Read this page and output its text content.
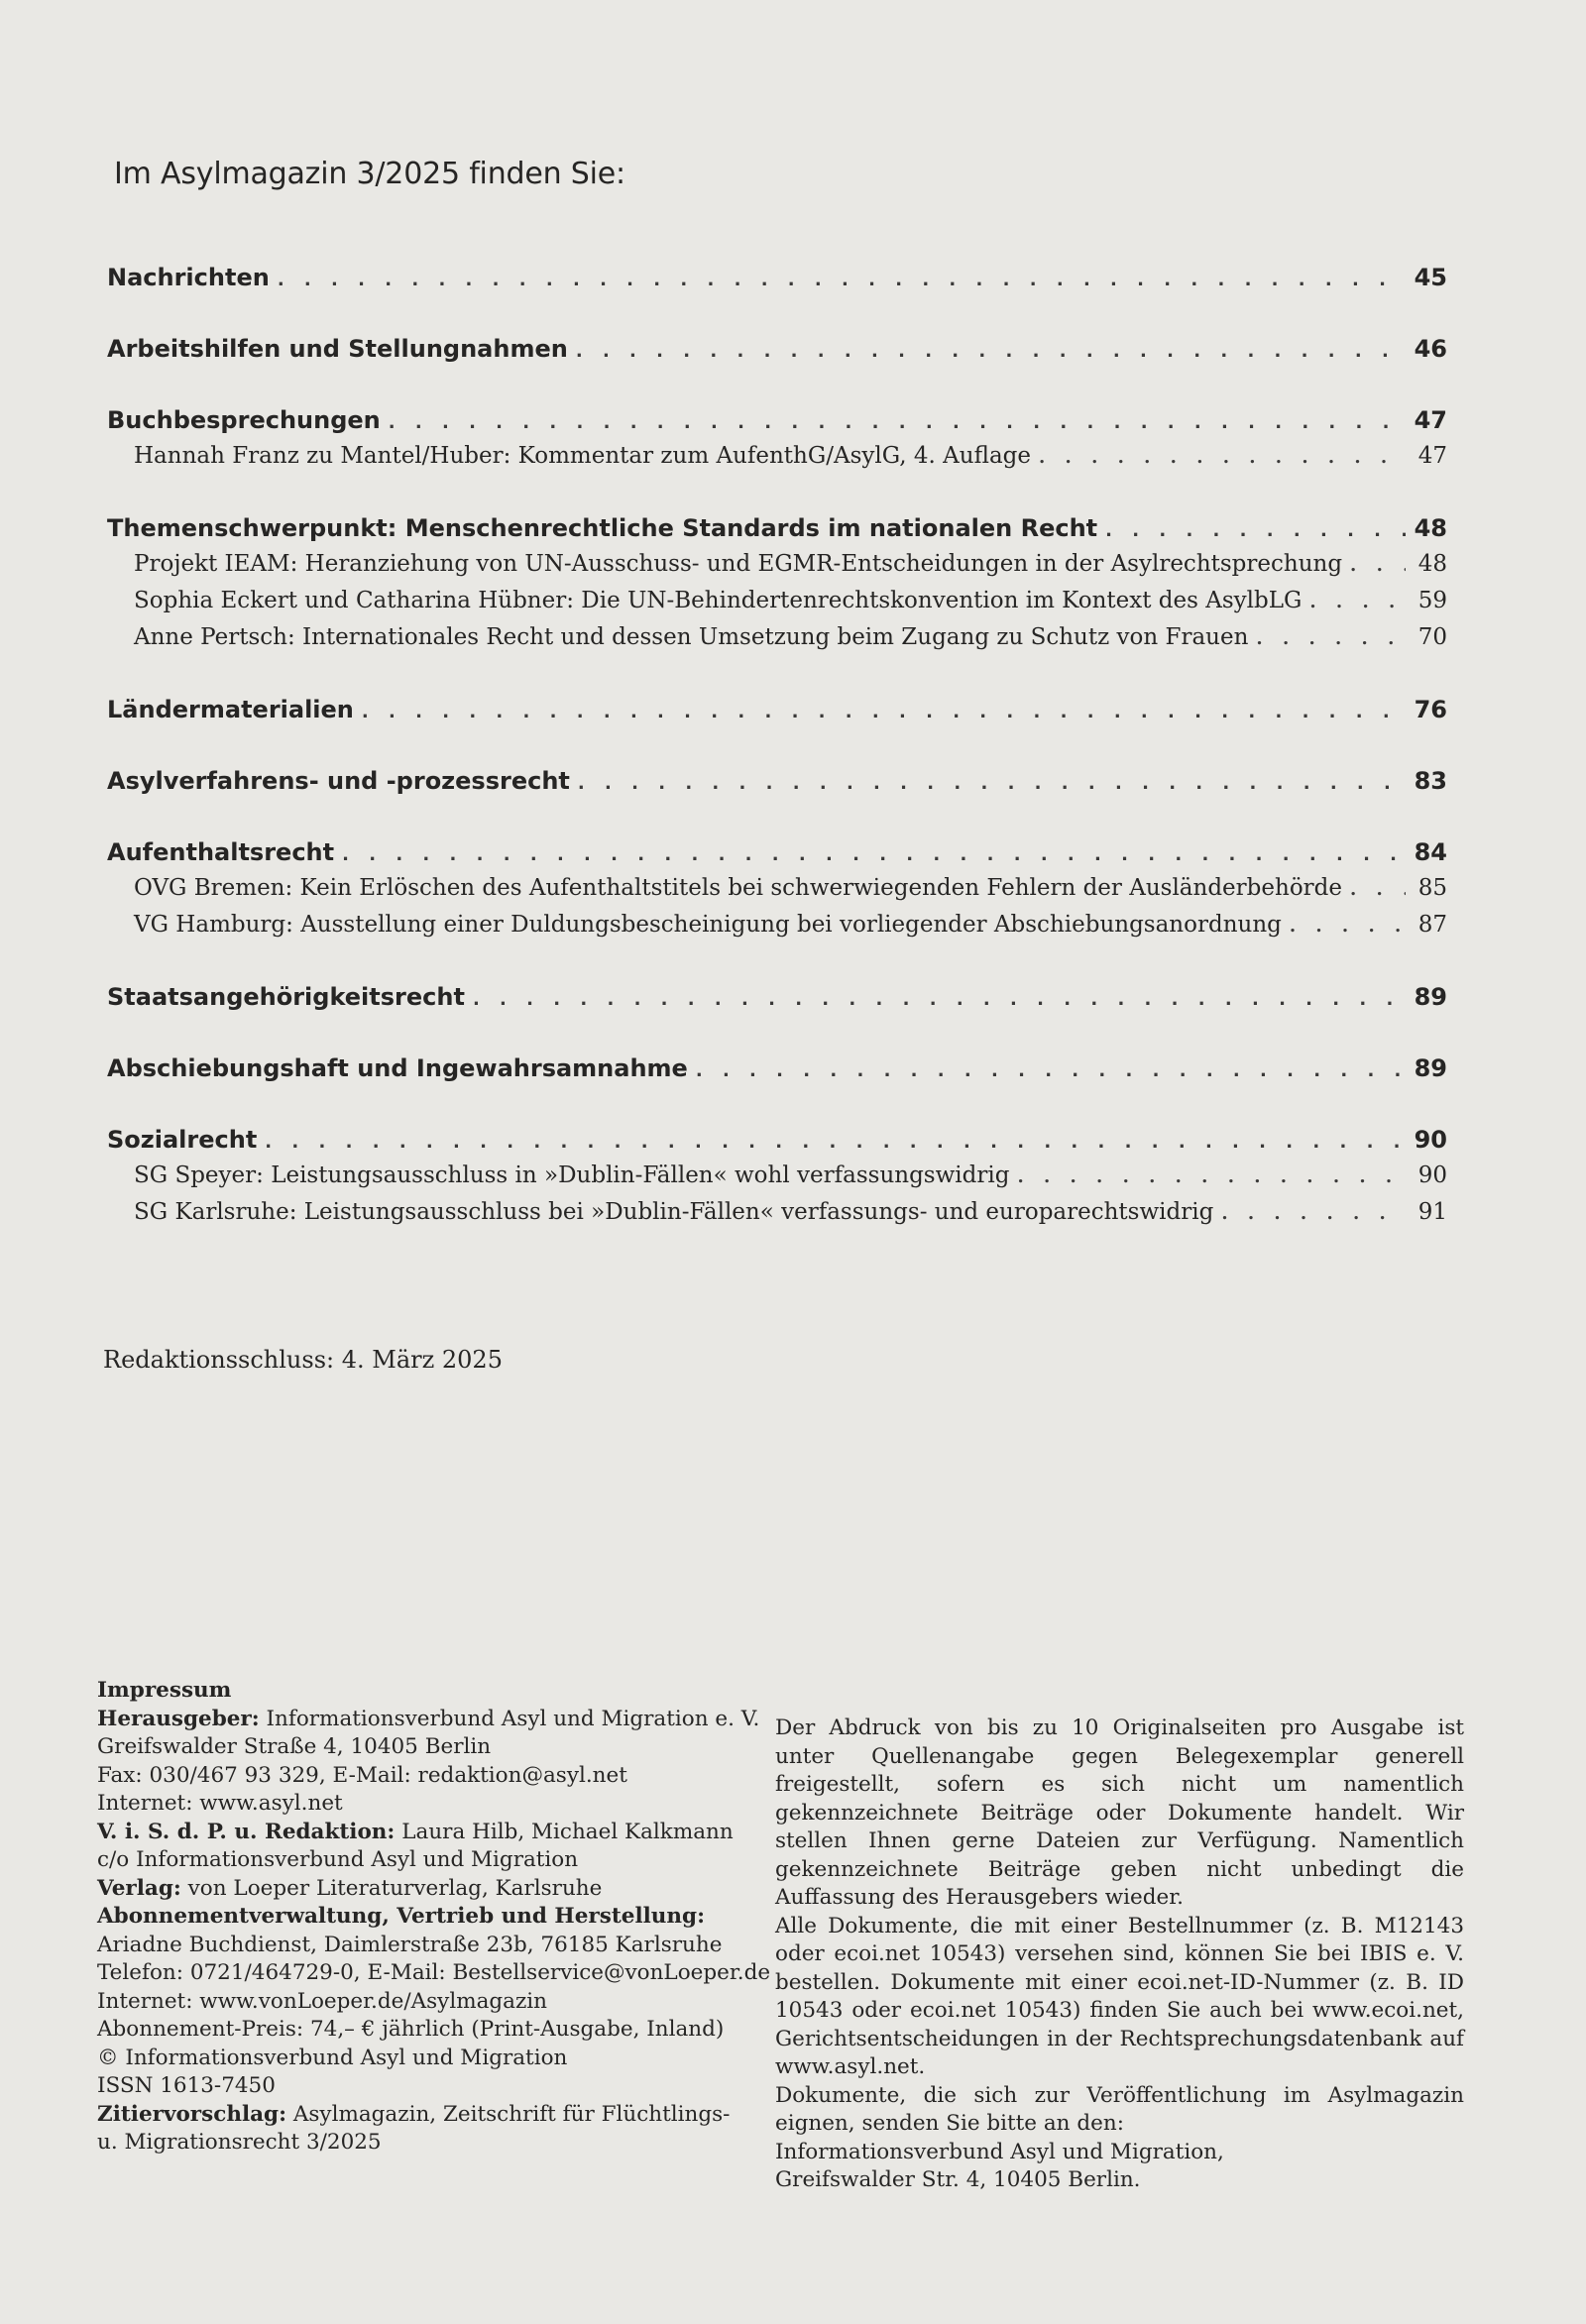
Im Asylmagazin 3/2025 finden Sie:
Nachrichten . . .	45
Arbeitshilfen und Stellungnahmen . . .	46
Buchbesprechungen . . .	47
Hannah Franz zu Mantel/Huber: Kommentar zum AufenthG/AsylG, 4. Auflage . . .	47
Themenschwerpunkt: Menschenrechtliche Standards im nationalen Recht . . .	48
Projekt IEAM: Heranziehung von UN-Ausschuss- und EGMR-Entscheidungen in der Asylrechtsprechung . . .	48
Sophia Eckert und Catharina Hübner: Die UN-Behindertenrechtskonvention im Kontext des AsylbLG . . .	59
Anne Pertsch: Internationales Recht und dessen Umsetzung beim Zugang zu Schutz von Frauen . . .	70
Ländermaterialien . . .	76
Asylverfahrens- und -prozessrecht . . .	83
Aufenthaltsrecht . . .	84
OVG Bremen: Kein Erlöschen des Aufenthaltstitels bei schwerwiegenden Fehlern der Ausländerbehörde . . .	85
VG Hamburg: Ausstellung einer Duldungsbescheinigung bei vorliegender Abschiebungsanordnung . . .	87
Staatsangehörigkeitsrecht . . .	89
Abschiebungshaft und Ingewahrsamnahme . . .	89
Sozialrecht . . .	90
SG Speyer: Leistungsausschluss in »Dublin-Fällen« wohl verfassungswidrig . . .	90
SG Karlsruhe: Leistungsausschluss bei »Dublin-Fällen« verfassungs- und europarechtswidrig . . .	91

Redaktionsschluss: 4. März 2025

Impressum

Herausgeber: Informationsverbund Asyl und Migration e. V.

Greifswalder Straße 4, 10405 Berlin

Fax: 030/467 93 329, E-Mail: redaktion@asyl.net

Internet: www.asyl.net

V. i. S. d. P. u. Redaktion: Laura Hilb, Michael Kalkmann

c/o Informationsverbund Asyl und Migration

Verlag: von Loeper Literaturverlag, Karlsruhe

Abonnementverwaltung, Vertrieb und Herstellung:

Ariadne Buchdienst, Daimlerstraße 23b, 76185 Karlsruhe

Telefon: 0721/464729-0, E-Mail: Bestellservice@vonLoeper.de

Internet: www.vonLoeper.de/Asylmagazin

Abonnement-Preis: 74,– € jährlich (Print-Ausgabe, Inland)

© Informationsverbund Asyl und Migration

ISSN 1613-7450

Zitiervorschlag: Asylmagazin, Zeitschrift für Flüchtlings-

u. Migrationsrecht 3/2025

Der Abdruck von bis zu 10 Originalseiten pro Ausgabe ist unter Quellenangabe gegen Belegexemplar generell freigestellt, sofern es sich nicht um namentlich gekennzeichnete Beiträge oder Dokumente handelt. Wir stellen Ihnen gerne Dateien zur Verfügung. Namentlich gekennzeichnete Beiträge geben nicht unbedingt die Auffassung des Herausgebers wieder.

Alle Dokumente, die mit einer Bestellnummer (z. B. M12143 oder ecoi.net 10543) versehen sind, können Sie bei IBIS e. V. bestellen. Dokumente mit einer ecoi.net-ID-Nummer (z. B. ID 10543 oder ecoi.net 10543) finden Sie auch bei www.ecoi.net, Gerichtsentscheidungen in der Rechtsprechungsdatenbank auf www.asyl.net.

Dokumente, die sich zur Veröffentlichung im Asylmagazin eignen, senden Sie bitte an den:

Informationsverbund Asyl und Migration,

Greifswalder Str. 4, 10405 Berlin.
